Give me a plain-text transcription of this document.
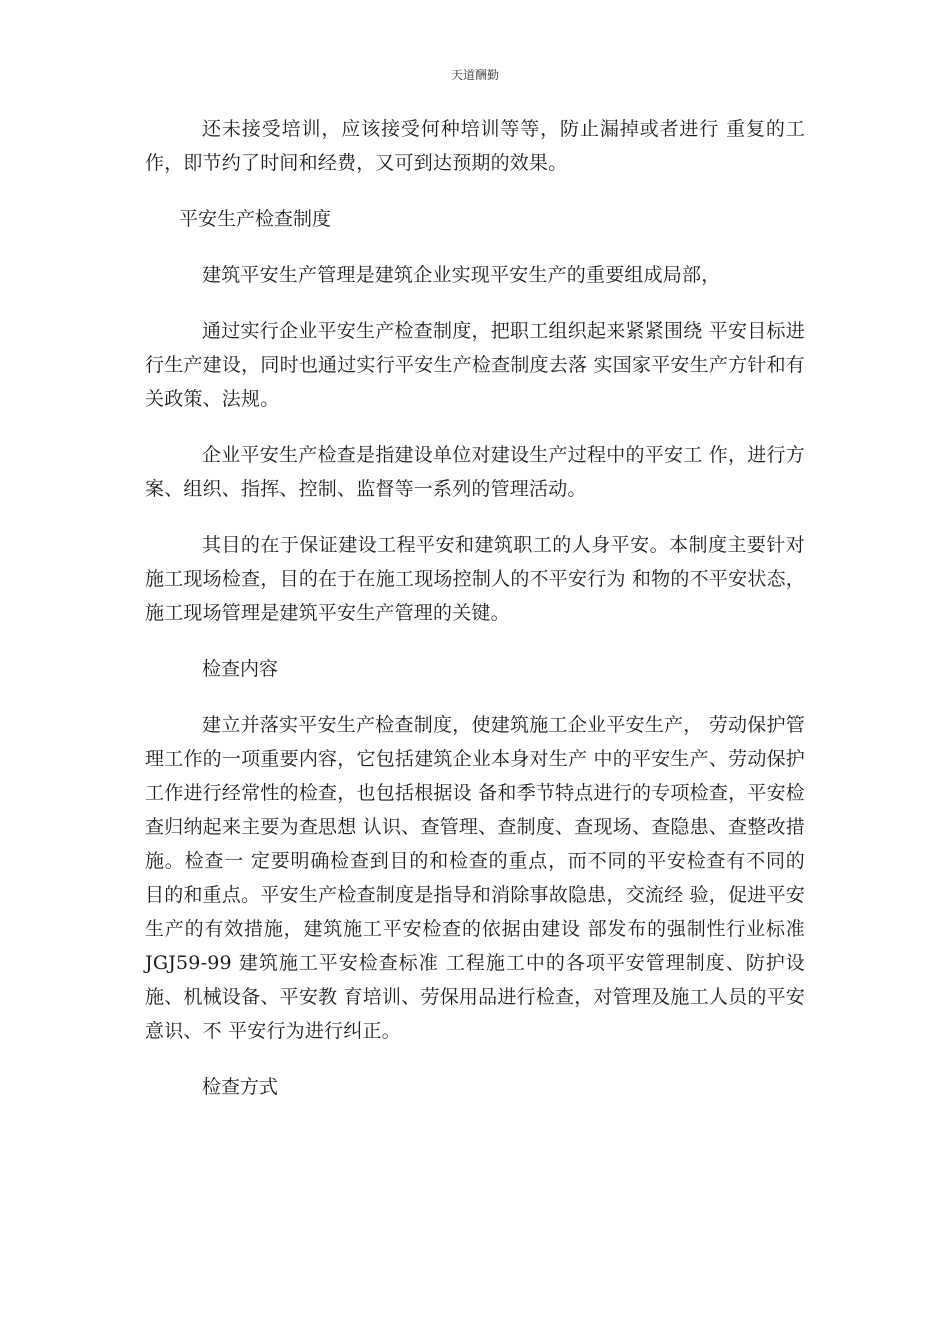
天道酬勤

还未接受培训，应该接受何种培训等等，防止漏掉或者进行 重复的工作，即节约了时间和经费，又可到达预期的效果。

平安生产检查制度

建筑平安生产管理是建筑企业实现平安生产的重要组成局部，

通过实行企业平安生产检查制度，把职工组织起来紧紧围绕 平安目标进行生产建设，同时也通过实行平安生产检查制度去落 实国家平安生产方针和有关政策、法规。

企业平安生产检查是指建设单位对建设生产过程中的平安工 作，进行方案、组织、指挥、控制、监督等一系列的管理活动。

其目的在于保证建设工程平安和建筑职工的人身平安。本制度主要针对施工现场检查，目的在于在施工现场控制人的不平安行为 和物的不平安状态，施工现场管理是建筑平安生产管理的关键。

检查内容

建立并落实平安生产检查制度，使建筑施工企业平安生产， 劳动保护管理工作的一项重要内容，它包括建筑企业本身对生产 中的平安生产、劳动保护工作进行经常性的检查，也包括根据设 备和季节特点进行的专项检查，平安检查归纳起来主要为查思想 认识、查管理、查制度、查现场、查隐患、查整改措施。检查一 定要明确检查到目的和检查的重点，而不同的平安检查有不同的 目的和重点。平安生产检查制度是指导和消除事故隐患，交流经 验，促进平安生产的有效措施，建筑施工平安检查的依据由建设 部发布的强制性行业标准 JGJ59-99 建筑施工平安检查标准 工程施工中的各项平安管理制度、防护设施、机械设备、平安教 育培训、劳保用品进行检查，对管理及施工人员的平安意识、不 平安行为进行纠正。

检查方式
